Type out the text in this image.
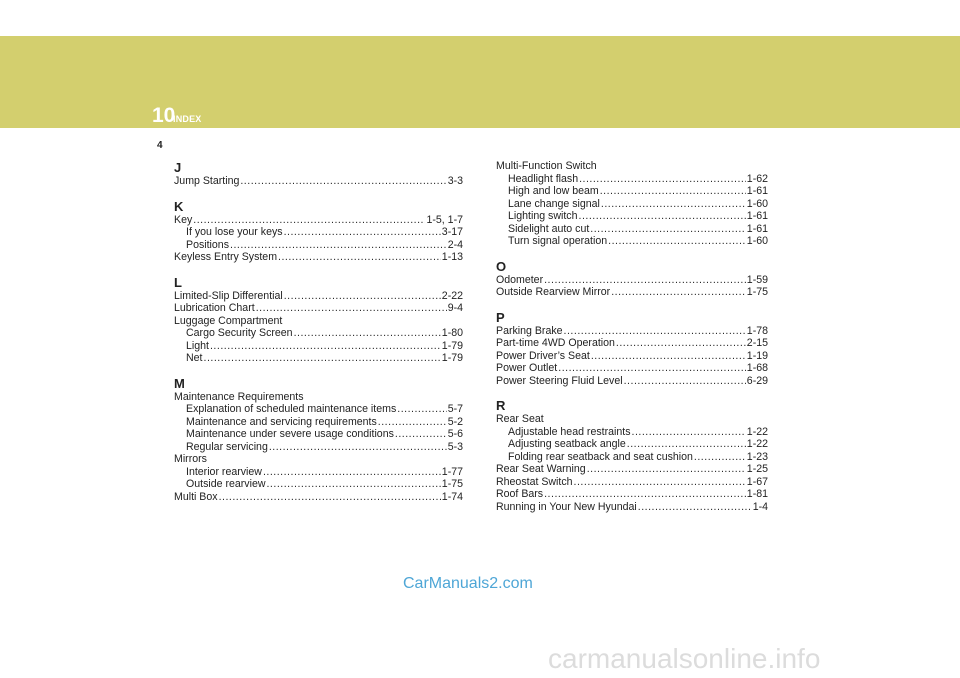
10
INDEX
4
J
Jump Starting .....	3-3
K
Key .....	1-5, 1-7
If you lose your keys .....	3-17
Positions .....	2-4
Keyless Entry System .....	1-13
L
Limited-Slip Differential .....	2-22
Lubrication Chart .....	9-4
Luggage Compartment
Cargo Security Screen .....	1-80
Light .....	1-79
Net .....	1-79
M
Maintenance Requirements
Explanation of scheduled maintenance items .....	5-7
Maintenance and servicing requirements .....	5-2
Maintenance under severe usage conditions .....	5-6
Regular servicing .....	5-3
Mirrors
Interior rearview .....	1-77
Outside rearview .....	1-75
Multi Box .....	1-74
Multi-Function Switch
Headlight flash .....	1-62
High and low beam .....	1-61
Lane change signal .....	1-60
Lighting switch .....	1-61
Sidelight auto cut .....	1-61
Turn signal operation .....	1-60
O
Odometer .....	1-59
Outside Rearview Mirror .....	1-75
P
Parking Brake .....	1-78
Part-time 4WD Operation .....	2-15
Power Driver’s Seat .....	1-19
Power Outlet .....	1-68
Power Steering Fluid Level .....	6-29
R
Rear Seat
Adjustable head restraints .....	1-22
Adjusting seatback angle .....	1-22
Folding rear seatback and seat cushion .....	1-23
Rear Seat Warning .....	1-25
Rheostat Switch .....	1-67
Roof Bars .....	1-81
Running in Your New Hyundai .....	1-4
CarManuals2.com
carmanualsonline.info
